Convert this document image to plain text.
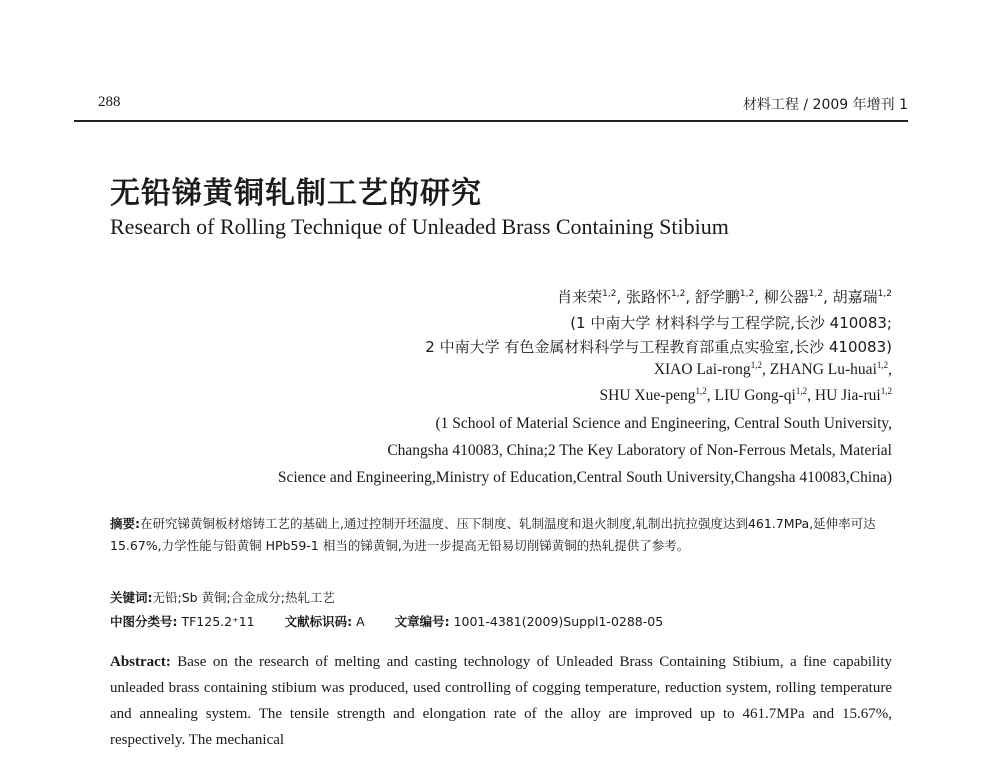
288	材料工程 / 2009 年增刊 1
无铅锑黄铜轧制工艺的研究
Research of Rolling Technique of Unleaded Brass Containing Stibium
肖来荣$^{1,2}$, 张路怀$^{1,2}$, 舒学鹏$^{1,2}$, 柳公器$^{1,2}$, 胡嘉瑞$^{1,2}$
(1 中南大学 材料科学与工程学院,长沙 410083;
2 中南大学 有色金属材料科学与工程教育部重点实验室,长沙 410083)
XIAO Lai-rong$^{1,2}$, ZHANG Lu-huai$^{1,2}$,
SHU Xue-peng$^{1,2}$, LIU Gong-qi$^{1,2}$, HU Jia-rui$^{1,2}$
(1 School of Material Science and Engineering, Central South University,
Changsha 410083, China;2 The Key Laboratory of Non-Ferrous Metals, Material
Science and Engineering,Ministry of Education,Central South University,Changsha 410083,China)
摘要:在研究锑黄铜板材熔铸工艺的基础上,通过控制开坯温度、压下制度、轧制温度和退火制度,轧制出抗拉强度达到461.7MPa,延伸率可达15.67%,力学性能与铅黄铜 HPb59-1 相当的锑黄铜,为进一步提高无铅易切削锑黄铜的热轧提供了参考。
关键词:无铅;Sb 黄铜;合金成分;热轧工艺
中图分类号: TF125.2⁺11 文献标识码: A 文章编号: 1001-4381(2009)Suppl1-0288-05
Abstract: Base on the research of melting and casting technology of Unleaded Brass Containing Stibium, a fine capability unleaded brass containing stibium was produced, used controlling of cogging temperature, reduction system, rolling temperature and annealing system. The tensile strength and elongation rate of the alloy are improved up to 461.7MPa and 15.67%, respectively. The mechanical
